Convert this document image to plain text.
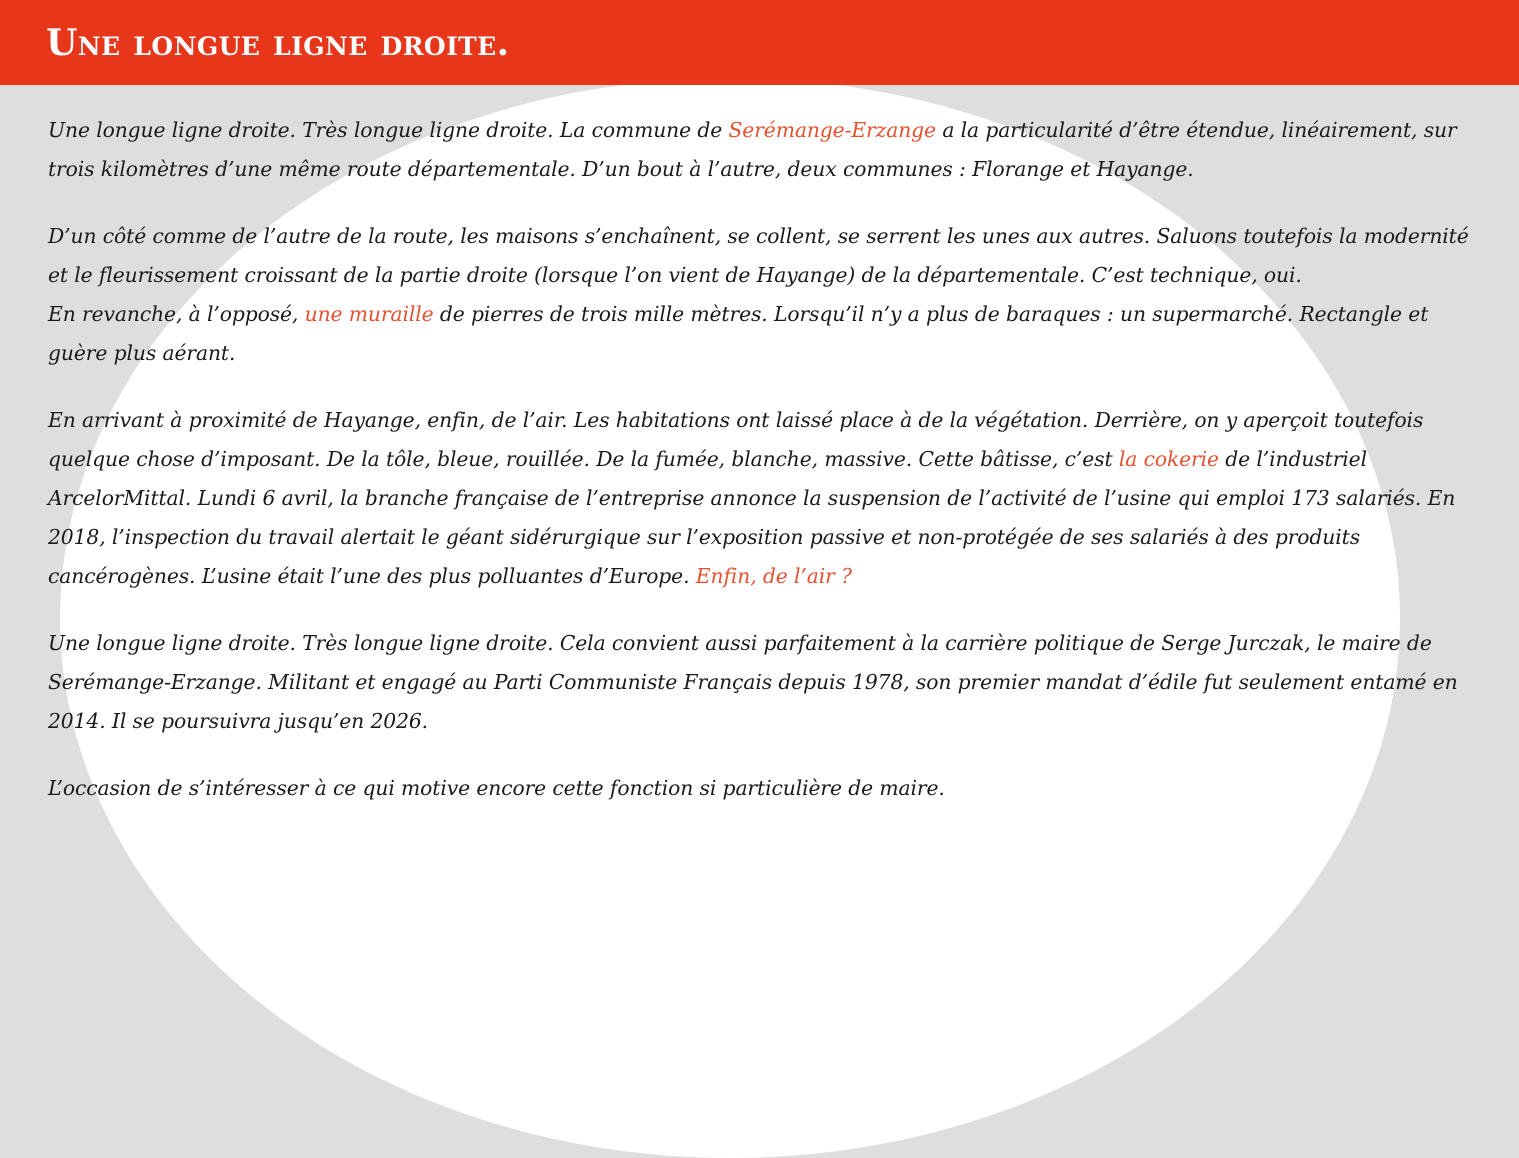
Une longue ligne droite.

Une longue ligne droite. Très longue ligne droite. La commune de Serémange-Erzange a la particularité d’être étendue, linéairement, sur trois kilomètres d’une même route départementale. D’un bout à l’autre, deux communes : Florange et Hayange.

D’un côté comme de l’autre de la route, les maisons s’enchaînent, se collent, se serrent les unes aux autres. Saluons toutefois la modernité et le fleurissement croissant de la partie droite (lorsque l’on vient de Hayange) de la départementale. C’est technique, oui.
En revanche, à l’opposé, une muraille de pierres de trois mille mètres. Lorsqu’il n’y a plus de baraques : un supermarché. Rectangle et guère plus aérant.

En arrivant à proximité de Hayange, enfin, de l’air. Les habitations ont laissé place à de la végétation. Derrière, on y aperçoit toutefois quelque chose d’imposant. De la tôle, bleue, rouillée. De la fumée, blanche, massive. Cette bâtisse, c’est la cokerie de l’industriel ArcelorMittal. Lundi 6 avril, la branche française de l’entreprise annonce la suspension de l’activité de l’usine qui emploi 173 salariés. En 2018, l’inspection du travail alertait le géant sidérurgique sur l’exposition passive et non-protégée de ses salariés à des produits cancérogènes. L’usine était l’une des plus polluantes d’Europe. Enfin, de l’air ?

Une longue ligne droite. Très longue ligne droite. Cela convient aussi parfaitement à la carrière politique de Serge Jurczak, le maire de Serémange-Erzange. Militant et engagé au Parti Communiste Français depuis 1978, son premier mandat d’édile fut seulement entamé en 2014. Il se poursuivra jusqu’en 2026.

L’occasion de s’intéresser à ce qui motive encore cette fonction si particulière de maire.
